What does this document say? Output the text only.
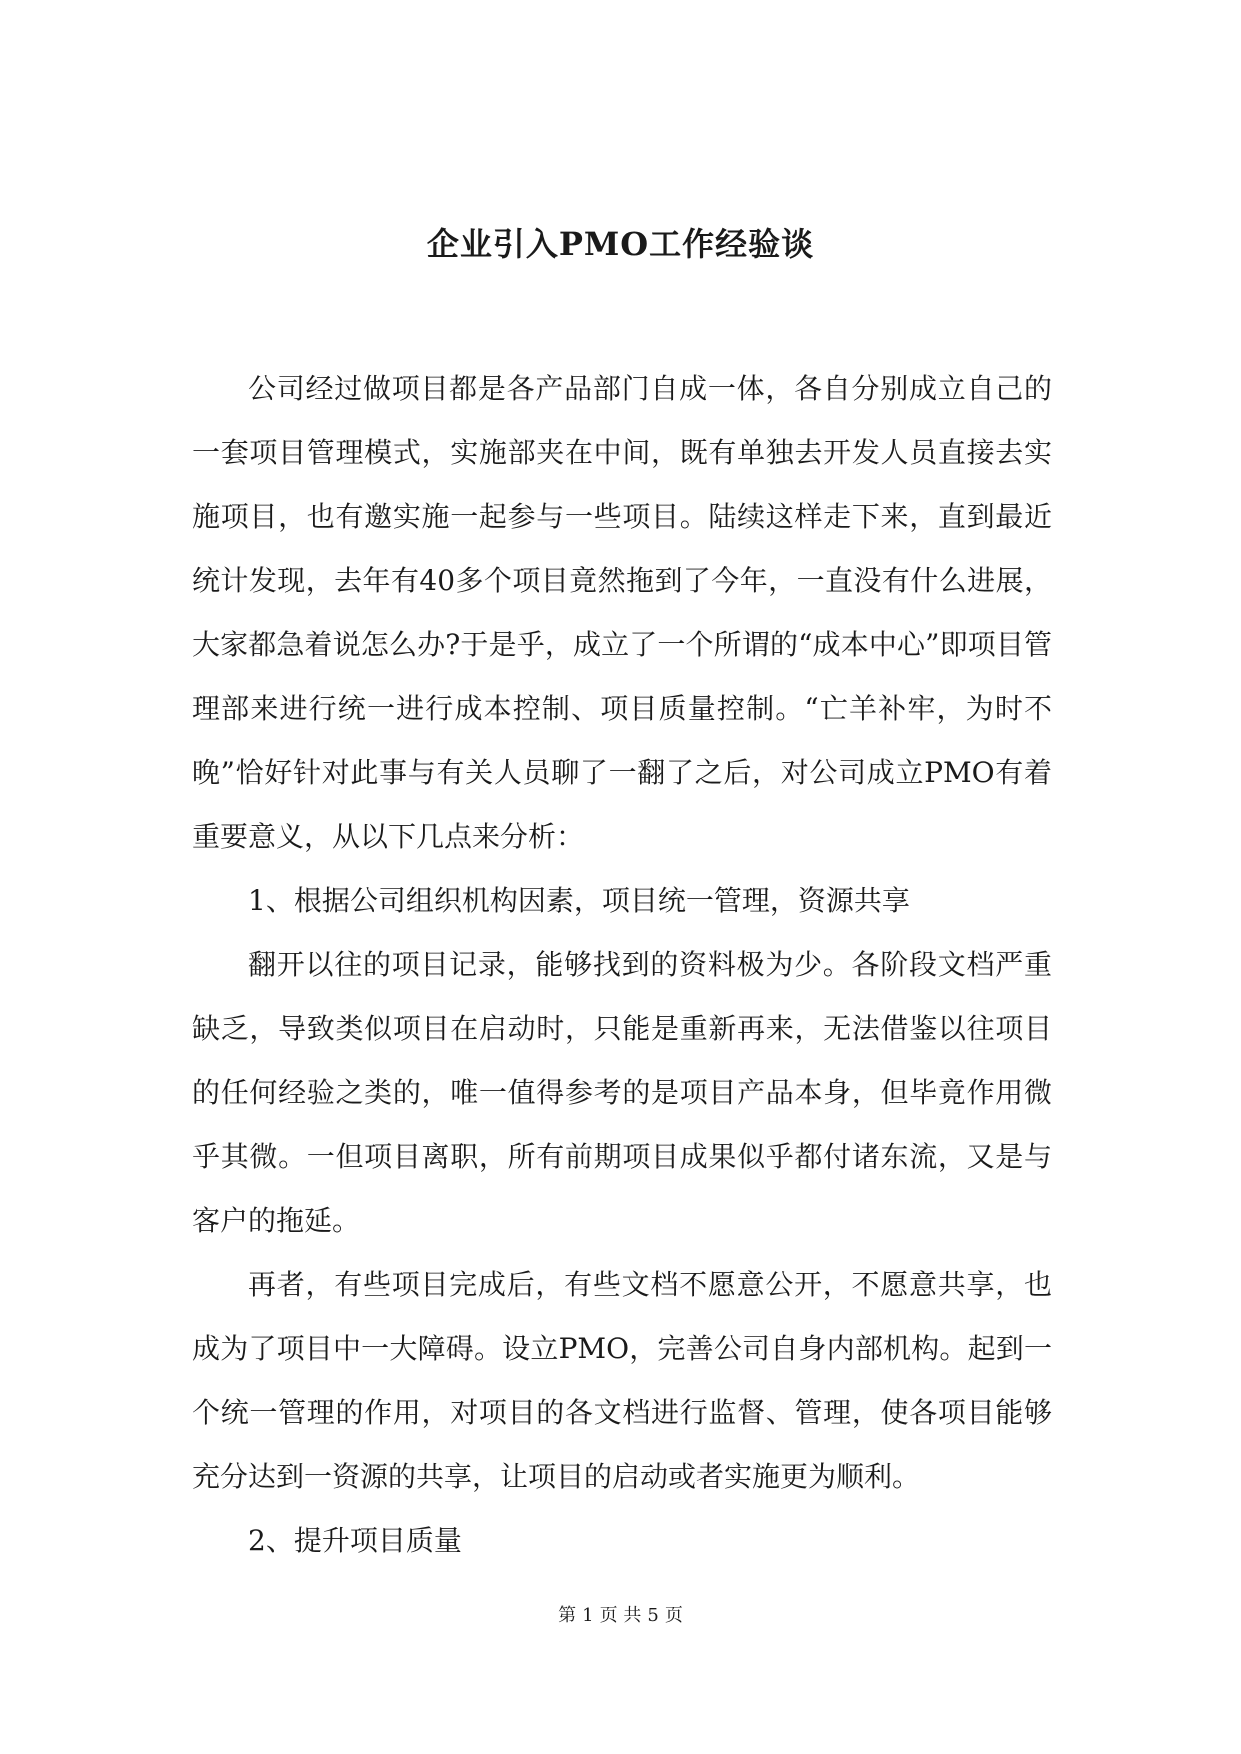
企业引入PMO工作经验谈

公司经过做项目都是各产品部门自成一体，各自分别成立自己的一套项目管理模式，实施部夹在中间，既有单独去开发人员直接去实施项目，也有邀实施一起参与一些项目。陆续这样走下来，直到最近统计发现，去年有40多个项目竟然拖到了今年，一直没有什么进展，大家都急着说怎么办?于是乎，成立了一个所谓的“成本中心”即项目管理部来进行统一进行成本控制、项目质量控制。“亡羊补牢，为时不晚”恰好针对此事与有关人员聊了一翻了之后，对公司成立PMO有着重要意义，从以下几点来分析：

1、根据公司组织机构因素，项目统一管理，资源共享

翻开以往的项目记录，能够找到的资料极为少。各阶段文档严重缺乏，导致类似项目在启动时，只能是重新再来，无法借鉴以往项目的任何经验之类的，唯一值得参考的是项目产品本身，但毕竟作用微乎其微。一但项目离职，所有前期项目成果似乎都付诸东流，又是与客户的拖延。

再者，有些项目完成后，有些文档不愿意公开，不愿意共享，也成为了项目中一大障碍。设立PMO，完善公司自身内部机构。起到一个统一管理的作用，对项目的各文档进行监督、管理，使各项目能够充分达到一资源的共享，让项目的启动或者实施更为顺利。

2、提升项目质量

第 1 页 共 5 页
